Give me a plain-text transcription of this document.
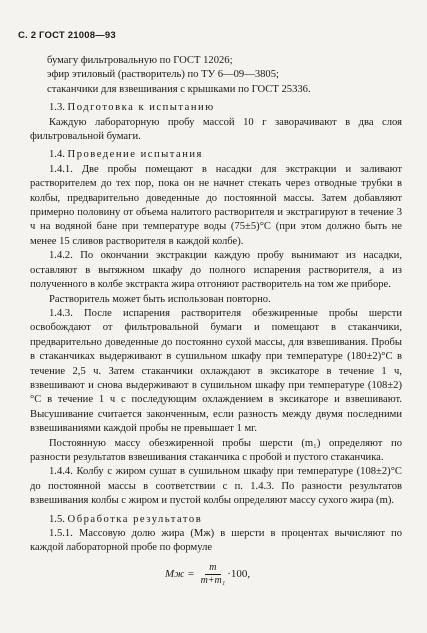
С. 2 ГОСТ 21008—93

бумагу фильтровальную по ГОСТ 12026;

эфир этиловый (растворитель) по ТУ 6—09—3805;

стаканчики для взвешивания с крышками по ГОСТ 25336.

1.3. Подготовка к испытанию

Каждую лабораторную пробу массой 10 г заворачивают в два слоя фильтровальной бумаги.

1.4. Проведение испытания

1.4.1. Две пробы помещают в насадки для экстракции и заливают растворителем до тех пор, пока он не начнет стекать через отводные трубки в колбы, предварительно доведенные до постоянной массы. Затем добавляют примерно половину от объема налитого растворителя и экстрагируют в течение 3 ч на водяной бане при температуре воды (75±5)°С (при этом должно быть не менее 15 сливов растворителя в каждой колбе).

1.4.2. По окончании экстракции каждую пробу вынимают из насадки, оставляют в вытяжном шкафу до полного испарения растворителя, а из полученного в колбе экстракта жира отгоняют растворитель на том же приборе.

Растворитель может быть использован повторно.

1.4.3. После испарения растворителя обезжиренные пробы шерсти освобождают от фильтровальной бумаги и помещают в стаканчики, предварительно доведенные до постоянно сухой массы, для взвешивания. Пробы в стаканчиках выдерживают в сушильном шкафу при температуре (180±2)°С в течение 2,5 ч. Затем стаканчики охлаждают в эксикаторе в течение 1 ч, взвешивают и снова выдерживают в сушильном шкафу при температуре (108±2)°С в течение 1 ч с последующим охлаждением в эксикаторе и взвешивают. Высушивание считается законченным, если разность между двумя последними взвешиваниями каждой пробы не превышает 1 мг.

Постоянную массу обезжиренной пробы шерсти (m₁) определяют по разности результатов взвешивания стаканчика с пробой и пустого стаканчика.

1.4.4. Колбу с жиром сушат в сушильном шкафу при температуре (108±2)°С до постоянной массы в соответствии с п. 1.4.3. По разности результатов взвешивания колбы с жиром и пустой колбы определяют массу сухого жира (m).

1.5. Обработка результатов

1.5.1. Массовую долю жира (Mж) в шерсти в процентах вычисляют по каждой лабораторной пробе по формуле

Mж = $\frac{m}{\text{m+m₁}} \cdot 100$,
